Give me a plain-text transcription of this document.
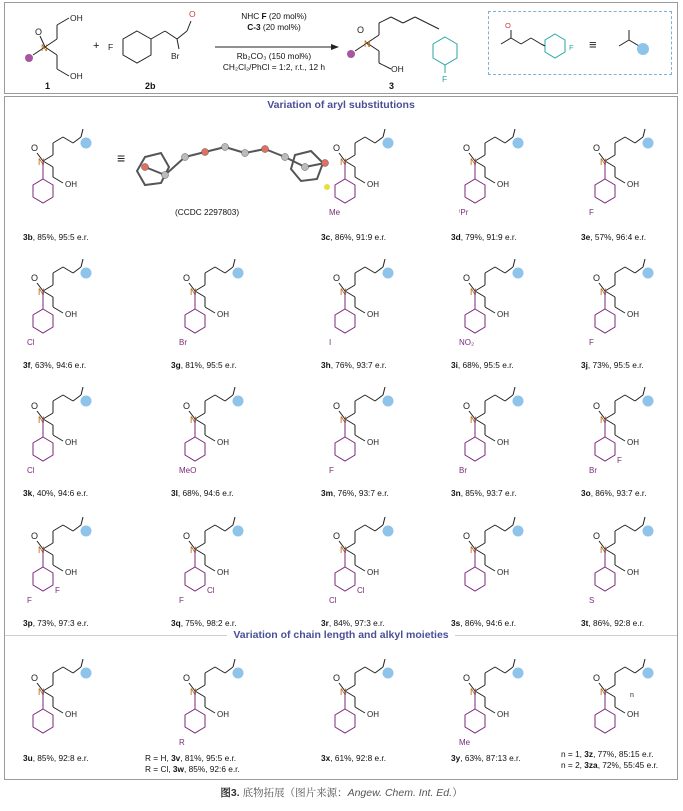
N
O
OH
OH
1
+ F
O
Br
2b
N
O
OH
F
3
NHC F (20 mol%)
C-3 (20 mol%)
Rb₂CO₃ (150 mol%)
CH₂Cl₂/PhCl = 1:2, r.t., 12 h
F
O
≡
Variation of aryl substitutions
Variation of chain length and alkyl moieties
N
O
OH
N
O
OH
Me
N
O
OH
ⁱPr
N
O
OH
F
N
O
OH
Cl
N
O
OH
Br
N
O
OH
I
N
O
OH
NO₂
N
O
OH
F
N
O
OH
Cl
N
O
OH
MeO
N
O
OH
F
N
O
OH
Br
N
O
OH
Br
F
N
O
OH
F
F
N
O
OH
F
Cl
N
O
OH
Cl
Cl
N
O
OH
N
O
OH
S
N
O
OH
N
O
OH
N
O
OH
Me
N
O
OH
R
N
O
OH
n
≡
(CCDC 2297803)
3b, 85%, 95:5 e.r.	3c, 86%, 91:9 e.r.	3d, 79%, 91:9 e.r.	3e, 57%, 96:4 e.r.
3f, 63%, 94:6 e.r.	3g, 81%, 95:5 e.r.	3h, 76%, 93:7 e.r.	3i, 68%, 95:5 e.r.	3j, 73%, 95:5 e.r.
3k, 40%, 94:6 e.r.	3l, 68%, 94:6 e.r.	3m, 76%, 93:7 e.r.	3n, 85%, 93:7 e.r.	3o, 86%, 93:7 e.r.
3p, 73%, 97:3 e.r.	3q, 75%, 98:2 e.r.	3r, 84%, 97:3 e.r.	3s, 86%, 94:6 e.r.	3t, 86%, 92:8 e.r.
3u, 85%, 92:8 e.r.	3x, 61%, 92:8 e.r.	3y, 63%, 87:13 e.r.
R = H, 3v, 81%, 95:5 e.r.
R = Cl, 3w, 85%, 92:6 e.r.
n = 1, 3z, 77%, 85:15 e.r.
n = 2, 3za, 72%, 55:45 e.r.
图3. 底物拓展（图片来源：Angew. Chem. Int. Ed.）
